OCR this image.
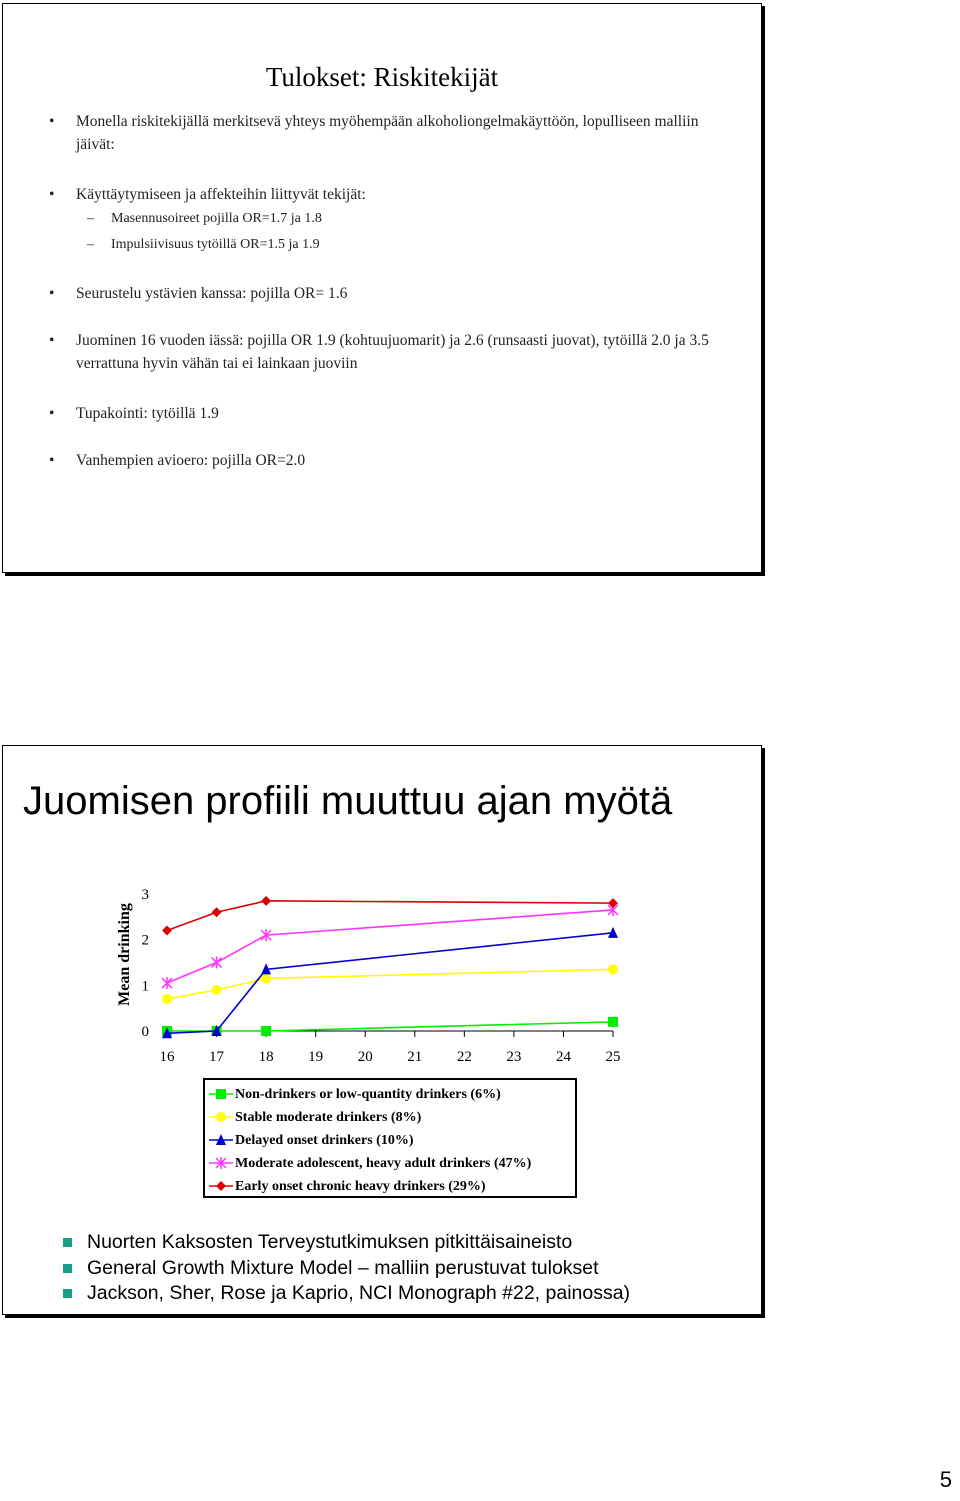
Tulokset: Riskitekijät
• Monella riskitekijällä merkitsevä yhteys myöhempään alkoholiongelmakäyttöön, lopulliseen malliin jäivät:
• Käyttäytymiseen ja affekteihin liittyvät tekijät:
– Masennusoireet pojilla OR=1.7 ja 1.8
– Impulsiivisuus tytöillä OR=1.5 ja 1.9
• Seurustelu ystävien kanssa: pojilla OR= 1.6
• Juominen 16 vuoden iässä: pojilla OR 1.9 (kohtuujuomarit) ja 2.6 (runsaasti juovat), tytöillä 2.0 ja 3.5 verrattuna hyvin vähän tai ei lainkaan juoviin
• Tupakointi: tytöillä 1.9
• Vanhempien avioero: pojilla OR=2.0
Juomisen profiili muuttuu ajan myötä
16 17 18 19 20 21 22 23 24 25
0
1
2
3
Mean drinking
Non-drinkers or low-quantity drinkers (6%)
Stable moderate drinkers (8%)
Delayed onset drinkers (10%)
Moderate adolescent, heavy adult drinkers (47%)
Early onset chronic heavy drinkers (29%)
Nuorten Kaksosten Terveystutkimuksen pitkittäisaineisto
General Growth Mixture Model – malliin perustuvat tulokset
Jackson, Sher, Rose ja Kaprio, NCI Monograph #22, painossa)
5
